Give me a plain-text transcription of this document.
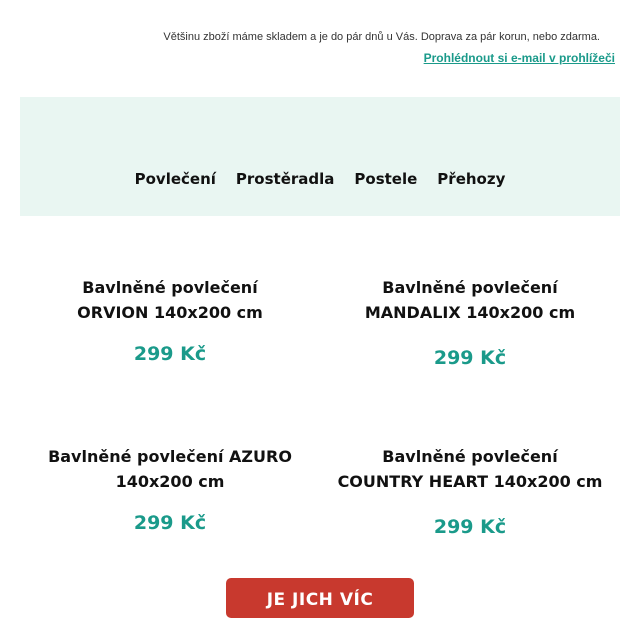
Většinu zboží máme skladem a je do pár dnů u Vás. Doprava za pár korun, nebo zdarma.
Prohlédnout si e-mail v prohlížeči
Povlečení Prostěradla Postele Přehozy

Bavlněné povlečení
ORVION 140x200 cm

299 Kč

Bavlněné povlečení
MANDALIX 140x200 cm

299 Kč

Bavlněné povlečení AZURO
140x200 cm

299 Kč

Bavlněné povlečení
COUNTRY HEART 140x200 cm

299 Kč
JE JICH VÍC
